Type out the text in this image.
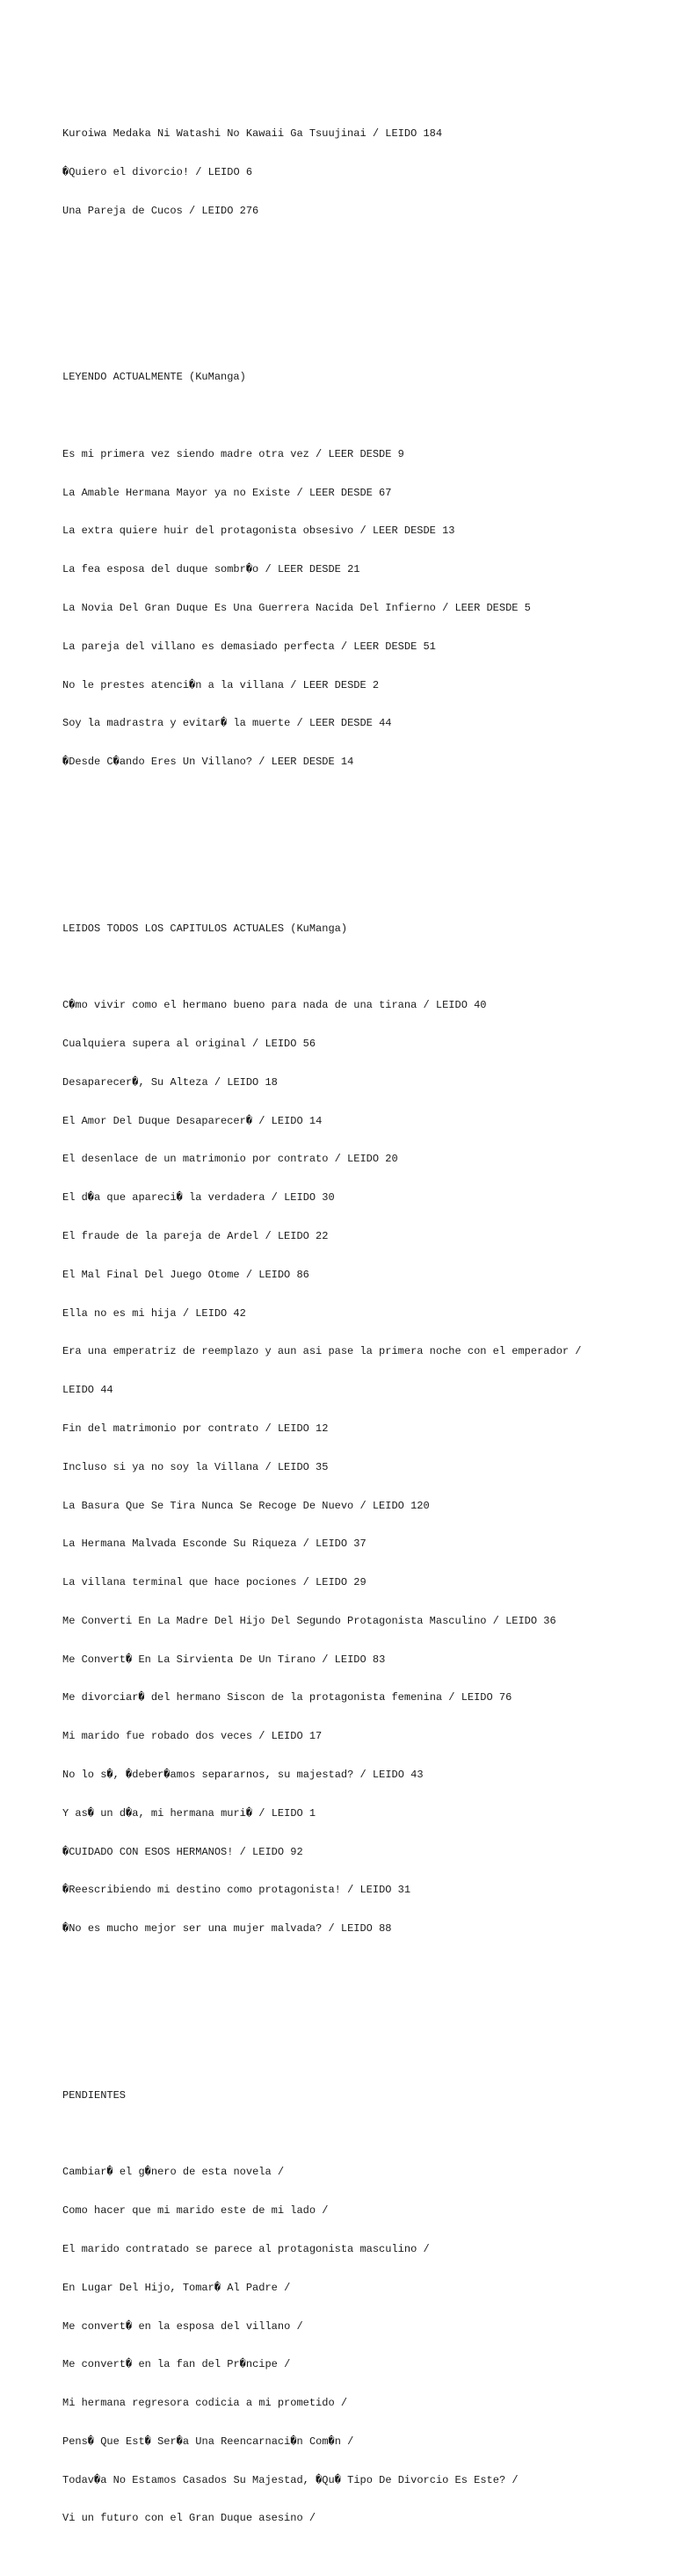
Kuroiwa Medaka Ni Watashi No Kawaii Ga Tsuujinai / LEIDO 184

�Quiero el divorcio! / LEIDO 6

Una Pareja de Cucos / LEIDO 276

LEYENDO ACTUALMENTE (KuManga)

Es mi primera vez siendo madre otra vez / LEER DESDE 9

La Amable Hermana Mayor ya no Existe / LEER DESDE 67

La extra quiere huir del protagonista obsesivo / LEER DESDE 13

La fea esposa del duque sombr�o / LEER DESDE 21

La Novia Del Gran Duque Es Una Guerrera Nacida Del Infierno / LEER DESDE 5

La pareja del villano es demasiado perfecta / LEER DESDE 51

No le prestes atenci�n a la villana / LEER DESDE 2

Soy la madrastra y evitar� la muerte / LEER DESDE 44

�Desde C�ando Eres Un Villano? / LEER DESDE 14

LEIDOS TODOS LOS CAPITULOS ACTUALES (KuManga)

C�mo vivir como el hermano bueno para nada de una tirana / LEIDO 40

Cualquiera supera al original / LEIDO 56

Desaparecer�, Su Alteza / LEIDO 18

El Amor Del Duque Desaparecer� / LEIDO 14

El desenlace de un matrimonio por contrato / LEIDO 20

El d�a que apareci� la verdadera / LEIDO 30

El fraude de la pareja de Ardel / LEIDO 22

El Mal Final Del Juego Otome / LEIDO 86

Ella no es mi hija / LEIDO 42

Era una emperatriz de reemplazo y aun asi pase la primera noche con el emperador /

LEIDO 44

Fin del matrimonio por contrato / LEIDO 12

Incluso si ya no soy la Villana / LEIDO 35

La Basura Que Se Tira Nunca Se Recoge De Nuevo / LEIDO 120

La Hermana Malvada Esconde Su Riqueza / LEIDO 37

La villana terminal que hace pociones / LEIDO 29

Me Converti En La Madre Del Hijo Del Segundo Protagonista Masculino / LEIDO 36

Me Convert� En La Sirvienta De Un Tirano / LEIDO 83

Me divorciar� del hermano Siscon de la protagonista femenina / LEIDO 76

Mi marido fue robado dos veces / LEIDO 17

No lo s�, �deber�amos separarnos, su majestad? / LEIDO 43

Y as� un d�a, mi hermana muri� / LEIDO 1

�CUIDADO CON ESOS HERMANOS! / LEIDO 92

�Reescribiendo mi destino como protagonista! / LEIDO 31

�No es mucho mejor ser una mujer malvada? / LEIDO 88

PENDIENTES

Cambiar� el g�nero de esta novela /

Como hacer que mi marido este de mi lado /

El marido contratado se parece al protagonista masculino /

En Lugar Del Hijo, Tomar� Al Padre /

Me convert� en la esposa del villano /

Me convert� en la fan del Pr�ncipe /

Mi hermana regresora codicia a mi prometido /

Pens� Que Est� Ser�a Una Reencarnaci�n Com�n /

Todav�a No Estamos Casados Su Majestad, �Qu� Tipo De Divorcio Es Este? /

Vi un futuro con el Gran Duque asesino /
